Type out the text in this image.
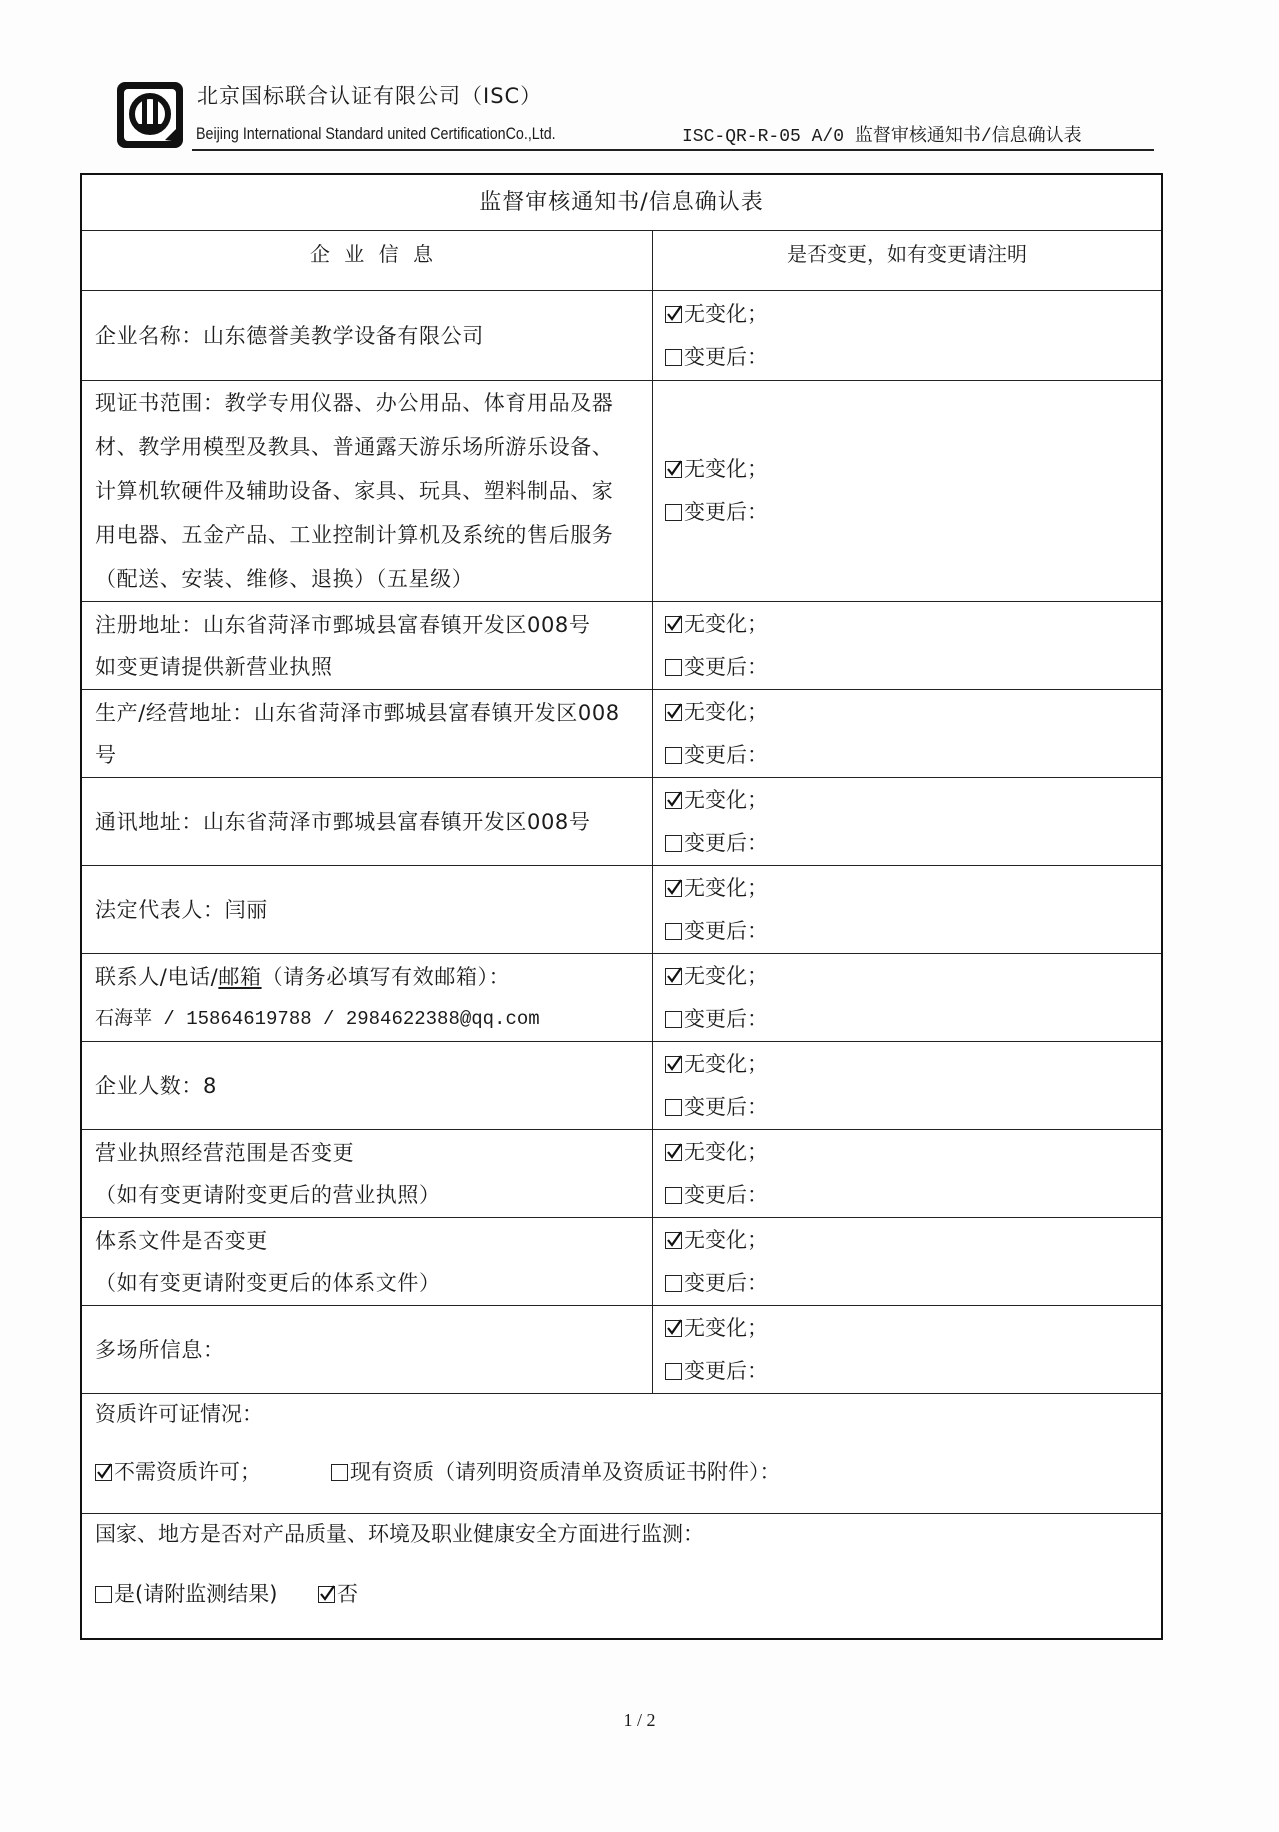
北京国标联合认证有限公司（ISC）
Beijing International Standard united CertificationCo.,Ltd.	ISC-QR-R-05 A/0 监督审核通知书/信息确认表
监督审核通知书/信息确认表
企 业 信 息	是否变更，如有变更请注明
企业名称：山东德誉美教学设备有限公司
无变化；
变更后：
现证书范围：教学专用仪器、办公用品、体育用品及器
材、教学用模型及教具、普通露天游乐场所游乐设备、
计算机软硬件及辅助设备、家具、玩具、塑料制品、家
用电器、五金产品、工业控制计算机及系统的售后服务
（配送、安装、维修、退换）（五星级）
无变化；
变更后：
注册地址：山东省菏泽市鄄城县富春镇开发区008号
如变更请提供新营业执照
无变化；
变更后：
生产/经营地址：山东省菏泽市鄄城县富春镇开发区008
号
无变化；
变更后：
通讯地址：山东省菏泽市鄄城县富春镇开发区008号
无变化；
变更后：
法定代表人：闫丽
无变化；
变更后：
联系人/电话/邮箱（请务必填写有效邮箱）：
石海苹 / 15864619788 / 2984622388@qq.com
无变化；
变更后：
企业人数：8
无变化；
变更后：
营业执照经营范围是否变更
（如有变更请附变更后的营业执照）
无变化；
变更后：
体系文件是否变更
（如有变更请附变更后的体系文件）
无变化；
变更后：
多场所信息：
无变化；
变更后：
资质许可证情况：
不需资质许可；	现有资质（请列明资质清单及资质证书附件）：
国家、地方是否对产品质量、环境及职业健康安全方面进行监测：
是(请附监测结果)	否
1 / 2
